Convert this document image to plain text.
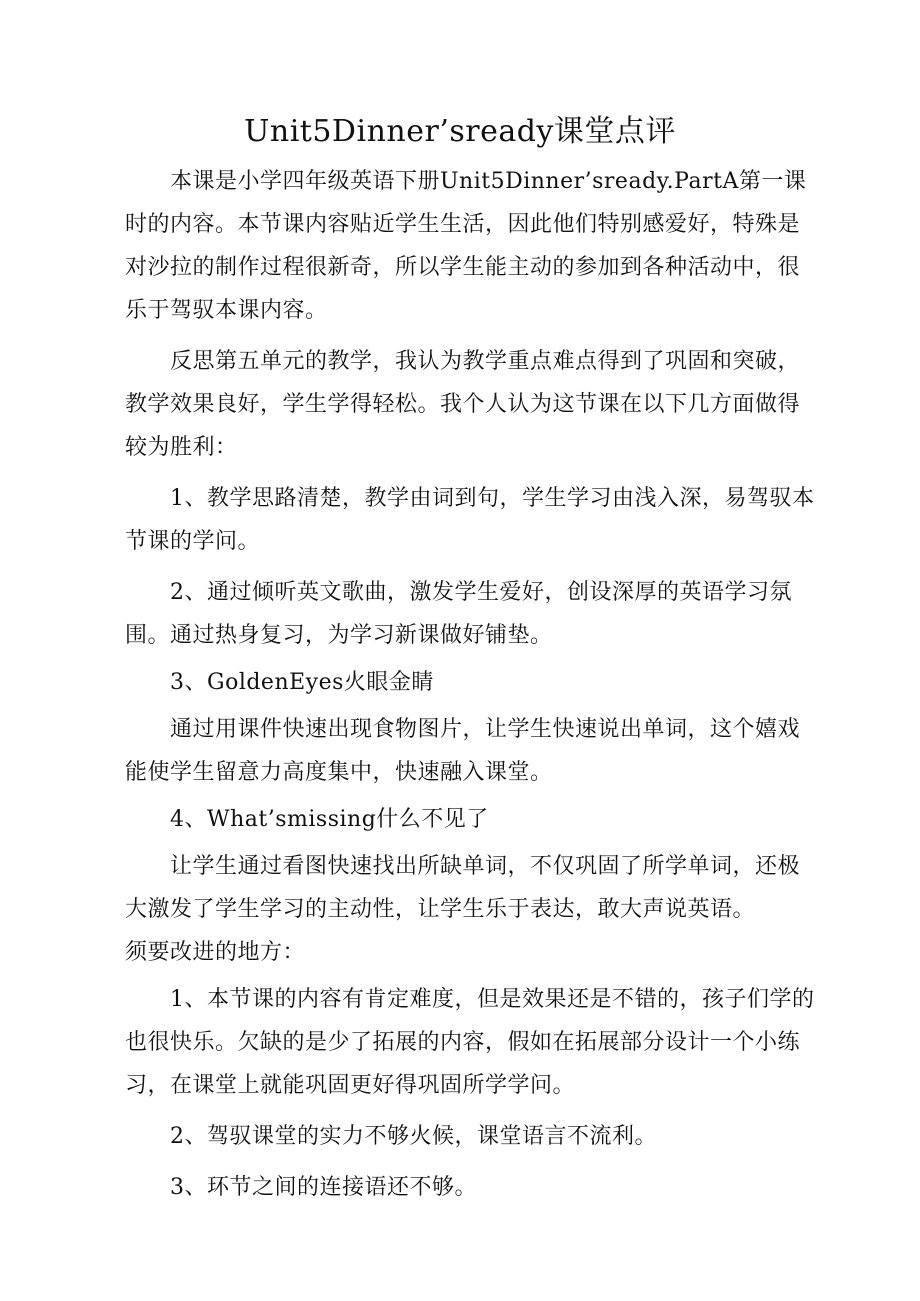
Unit5Dinner’sready课堂点评

本课是小学四年级英语下册Unit5Dinner’sready.PartA第一课时的内容。本节课内容贴近学生生活，因此他们特别感爱好，特殊是对沙拉的制作过程很新奇，所以学生能主动的参加到各种活动中，很乐于驾驭本课内容。

反思第五单元的教学，我认为教学重点难点得到了巩固和突破，教学效果良好，学生学得轻松。我个人认为这节课在以下几方面做得较为胜利：

1、教学思路清楚，教学由词到句，学生学习由浅入深，易驾驭本节课的学问。

2、通过倾听英文歌曲，激发学生爱好，创设深厚的英语学习氛围。通过热身复习，为学习新课做好铺垫。

3、GoldenEyes火眼金睛

通过用课件快速出现食物图片，让学生快速说出单词，这个嬉戏能使学生留意力高度集中，快速融入课堂。

4、What’smissing什么不见了

让学生通过看图快速找出所缺单词，不仅巩固了所学单词，还极大激发了学生学习的主动性，让学生乐于表达，敢大声说英语。

须要改进的地方：

1、本节课的内容有肯定难度，但是效果还是不错的，孩子们学的也很快乐。欠缺的是少了拓展的内容，假如在拓展部分设计一个小练习，在课堂上就能巩固更好得巩固所学学问。

2、驾驭课堂的实力不够火候，课堂语言不流利。

3、环节之间的连接语还不够。
